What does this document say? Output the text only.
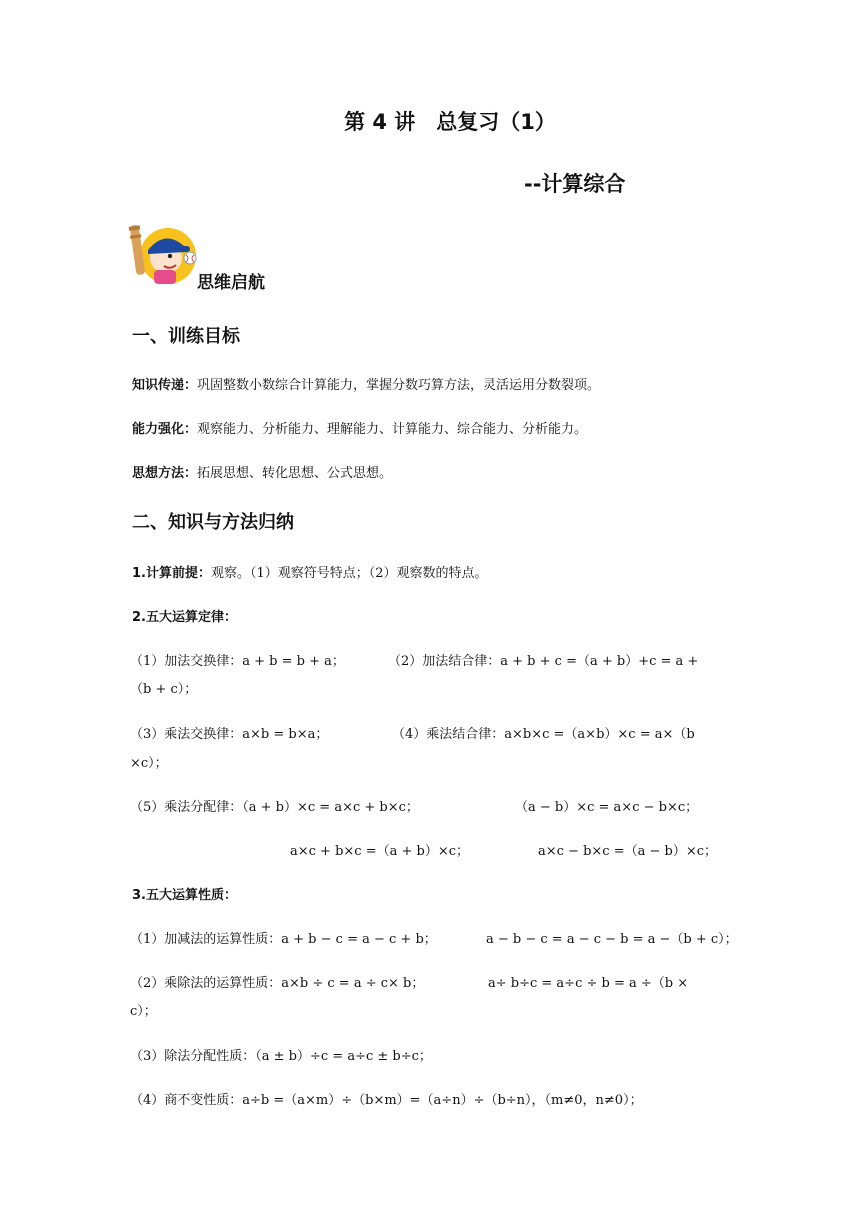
第 4 讲　总复习（1）
--计算综合
思维启航
一、训练目标
知识传递：巩固整数小数综合计算能力，掌握分数巧算方法，灵活运用分数裂项。
能力强化：观察能力、分析能力、理解能力、计算能力、综合能力、分析能力。
思想方法：拓展思想、转化思想、公式思想。
二、知识与方法归纳
1.计算前提：观察。（1）观察符号特点；（2）观察数的特点。
2.五大运算定律：
（1）加法交换律：a + b = b + a；	（2）加法结合律：a + b + c =（a + b）+c = a +
（b + c）；
（3）乘法交换律：a×b = b×a；	（4）乘法结合律：a×b×c =（a×b）×c = a×（b
×c）；
（5）乘法分配律：（a + b）×c = a×c + b×c；	（a − b）×c = a×c − b×c；
a×c + b×c =（a + b）×c；	a×c − b×c =（a − b）×c；
3.五大运算性质：
（1）加减法的运算性质：a + b − c = a − c + b；	a − b − c = a − c − b = a −（b + c）；
（2）乘除法的运算性质：a×b ÷ c = a ÷ c× b；	a÷ b÷c = a÷c ÷ b = a ÷（b ×
c）；
（3）除法分配性质：（a ± b）÷c = a÷c ± b÷c；
（4）商不变性质：a÷b =（a×m）÷（b×m）=（a÷n）÷（b÷n），（m≠0，n≠0）；
